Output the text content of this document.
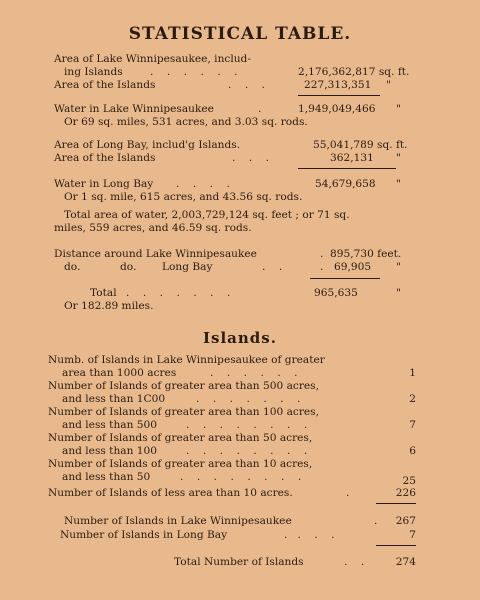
STATISTICAL TABLE.
Area of Lake Winnipesaukee, includ-
ing Islands	.    .    .    .    .    .	2,176,362,817 sq. ft.
Area of the Islands	.    .    .	227,313,351 "
Water in Lake Winnipesaukee	.	1,949,049,466 "
Or 69 sq. miles, 531 acres, and 3.03 sq. rods.
Area of Long Bay, includ'g Islands.	55,041,789 sq. ft.
Area of the Islands	.    .    .	362,131 "
Water in Long Bay .    .    .    .	54,679,658 "
Or 1 sq. mile, 615 acres, and 43.56 sq. rods.
Total area of water, 2,003,729,124 sq. feet ; or 71 sq.
miles, 559 acres, and 46.59 sq. rods.
Distance around Lake Winnipesaukee	. 895,730 feet.
do.	do. Long Bay	.    .	. 69,905 "
Total .    .    .    .    .    .    .	965,635	"
Or 182.89 miles.
Islands.
Numb. of Islands in Lake Winnipesaukee of greater
area than 1000 acres	.    .    .    .    .    .	1
Number of Islands of greater area than 500 acres,
and less than 1C00	.    .    .    .    .    .    .	2
Number of Islands of greater area than 100 acres,
and less than 500	.    .    .    .    .    .    .    .	7
Number of Islands of greater area than 50 acres,
and less than 100	.    .    .    .    .    .    .    .	6
Number of Islands of greater area than 10 acres,
and less than 50	.    .    .    .    .    .    .    .	25
Number of Islands of less area than 10 acres.	.	226
Number of Islands in Lake Winnipesaukee	.	267
Number of Islands in Long Bay	.   .    .    .	7
Total Number of Islands	.    .	274
